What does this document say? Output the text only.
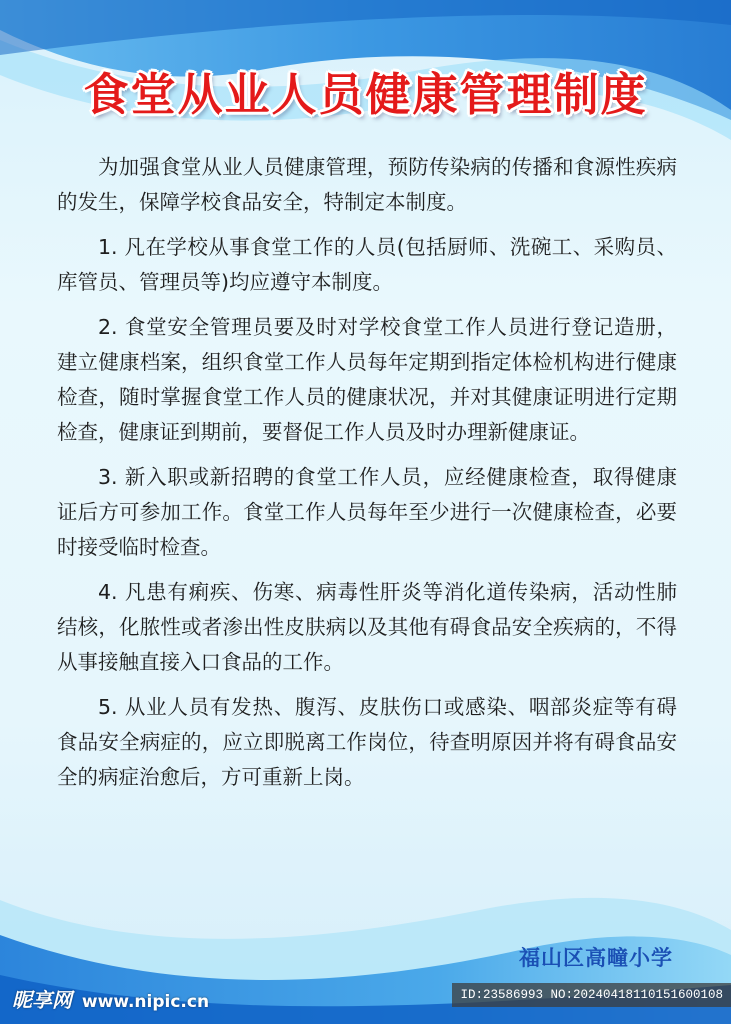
食堂从业人员健康管理制度

为加强食堂从业人员健康管理，预防传染病的传播和食源性疾病的发生，保障学校食品安全，特制定本制度。

1. 凡在学校从事食堂工作的人员(包括厨师、洗碗工、采购员、库管员、管理员等)均应遵守本制度。

2. 食堂安全管理员要及时对学校食堂工作人员进行登记造册，建立健康档案，组织食堂工作人员每年定期到指定体检机构进行健康检查，随时掌握食堂工作人员的健康状况，并对其健康证明进行定期检查，健康证到期前，要督促工作人员及时办理新健康证。

3. 新入职或新招聘的食堂工作人员，应经健康检查，取得健康证后方可参加工作。食堂工作人员每年至少进行一次健康检查，必要时接受临时检查。

4. 凡患有痢疾、伤寒、病毒性肝炎等消化道传染病，活动性肺结核，化脓性或者渗出性皮肤病以及其他有碍食品安全疾病的，不得从事接触直接入口食品的工作。

5. 从业人员有发热、腹泻、皮肤伤口或感染、咽部炎症等有碍食品安全病症的，应立即脱离工作岗位，待查明原因并将有碍食品安全的病症治愈后，方可重新上岗。

福山区高疃小学
昵享网 www.nipic.cn	ID:23586993 NO:20240418110151600108
